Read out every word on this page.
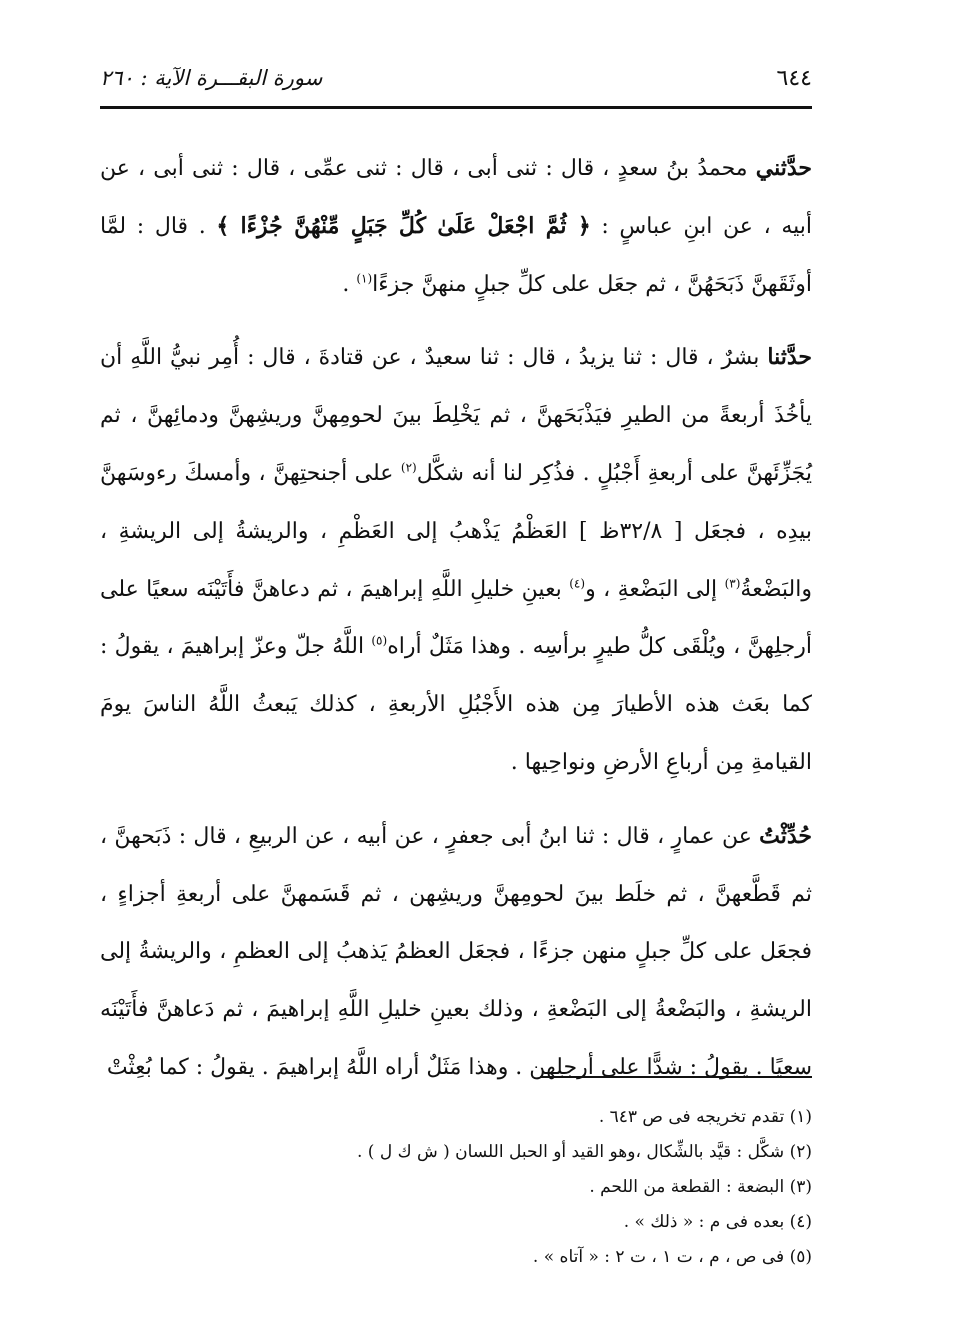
٦٤٤
سورة البقـــرة الآية : ٢٦٠

حدَّثني محمدُ بنُ سعدٍ ، قال : ثنى أبى ، قال : ثنى عمِّى ، قال : ثنى أبى ، عن أبيه ، عن ابنِ عباسٍ : ﴿ ثُمَّ اجْعَلْ عَلَىٰ كُلِّ جَبَلٍ مِّنْهُنَّ جُزْءًا ﴾ . قال : لمَّا أوثَقَهنَّ ذَبَحَهُنَّ ، ثم جعَل على كلِّ جبلٍ منهنَّ جزءًا$^{(١)}$ .

حدَّثنا بشرٌ ، قال : ثنا يزيدُ ، قال : ثنا سعيدٌ ، عن قتادةَ ، قال : أُمِر نبيُّ اللَّهِ أن يأخُذَ أربعةً من الطيرِ فيَذْبَحَهنَّ ، ثم يَخْلِطَ بينَ لحومِهنَّ وريشِهنَّ ودمائِهنَّ ، ثم يُجَزِّئَهنَّ على أربعةِ أَجْبُلٍ . فذُكِر لنا أنه شكَّل$^{(٢)}$ على أجنحتِهنَّ ، وأمسكَ رءوسَهنَّ بيدِه ، فجعَل [ ٣٢/٨ظ ] العَظْمُ يَذْهبُ إلى العَظْمِ ، والريشةُ إلى الريشةِ ، والبَضْعةُ$^{(٣)}$ إلى البَضْعةِ ، و$^{(٤)}$ بعينِ خليلِ اللَّهِ إبراهيمَ ، ثم دعاهنَّ فأَتَيْنَه سعيًا على أرجلِهنَّ ، ويُلْقَى كلُّ طيرٍ برأسِه . وهذا مَثَلٌ أراه$^{(٥)}$ اللَّهُ جلّ وعزّ إبراهيمَ ، يقولُ : كما بعَث هذه الأطيارَ مِن هذه الأَجْبُلِ الأربعةِ ، كذلك يَبعثُ اللَّهُ الناسَ يومَ القيامةِ مِن أرباعِ الأرضِ ونواحِيها .

حُدِّثْتُ عن عمارٍ ، قال : ثنا ابنُ أبى جعفرٍ ، عن أبيه ، عن الربيعِ ، قال : ذَبَحهنَّ ، ثم قَطَّعهنَّ ، ثم خلَط بينَ لحومِهنَّ وريشِهن ، ثم قَسَمهنَّ على أربعةِ أجزاءٍ ، فجعَل على كلِّ جبلٍ منهن جزءًا ، فجعَل العظمُ يَذهبُ إلى العظمِ ، والريشةُ إلى الريشةِ ، والبَضْعةُ إلى البَضْعةِ ، وذلك بعينِ خليلِ اللَّهِ إبراهيمَ ، ثم دَعاهنَّ فأَتَيْنَه سعيًا . يقولُ : شدًّا على أرجلِهن . وهذا مَثَلٌ أراه اللَّهُ إبراهيمَ . يقولُ : كما بُعِثْتْ

(١) تقدم تخريجه فى ص ٦٤٣ .

(٢) شكَّل : قيَّد بالشِّكال ،وهو القيد أو الحبل اللسان ( ش ك ل ) .

(٣) البضعة : القطعة من اللحم .

(٤) بعده فى م : « ذلك » .

(٥) فى ص ، م ، ت ١ ، ت ٢ : « آتاه » .
